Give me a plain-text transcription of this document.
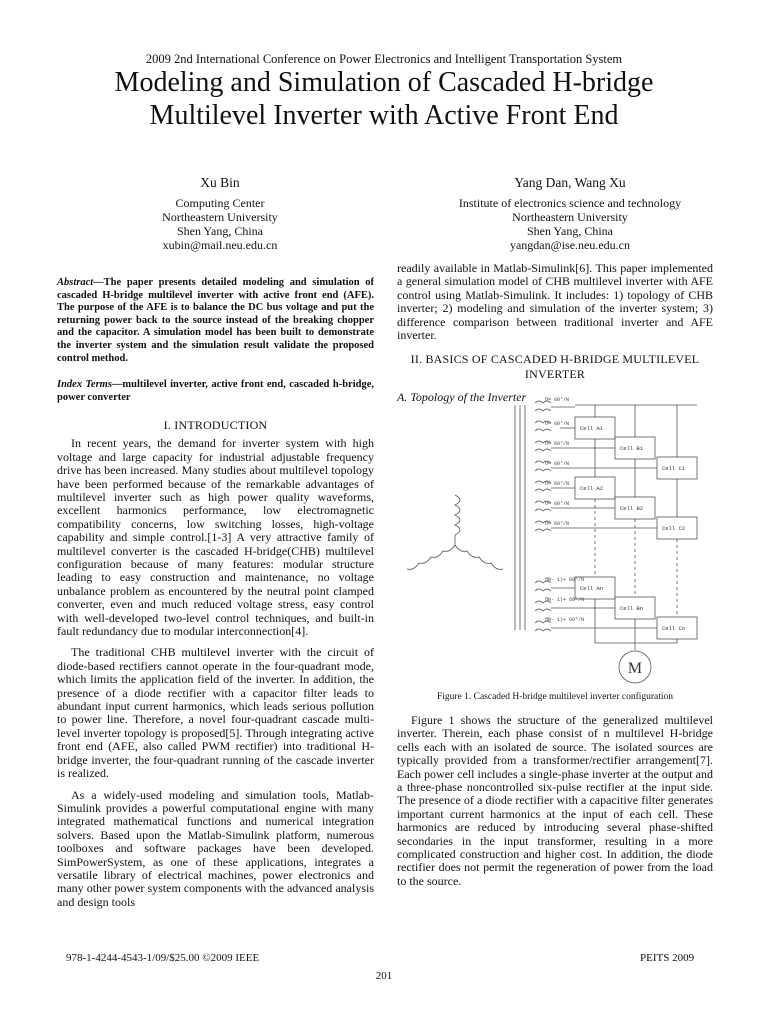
2009 2nd International Conference on Power Electronics and Intelligent Transportation System
Modeling and Simulation of Cascaded H-bridge
Multilevel Inverter with Active Front End
Xu Bin
Computing Center
Northeastern University
Shen Yang, China
xubin@mail.neu.edu.cn
Yang Dan, Wang Xu
Institute of electronics science and technology
Northeastern University
Shen Yang, China
yangdan@ise.neu.edu.cn
Abstract—The paper presents detailed modeling and simulation of cascaded H-bridge multilevel inverter with active front end (AFE). The purpose of the AFE is to balance the DC bus voltage and put the returning power back to the source instead of the breaking chopper and the capacitor. A simulation model has been built to demonstrate the inverter system and the simulation result validate the proposed control method.
Index Terms—multilevel inverter, active front end, cascaded h-bridge, power converter
I. INTRODUCTION

In recent years, the demand for inverter system with high voltage and large capacity for industrial adjustable frequency drive has been increased. Many studies about multilevel topology have been performed because of the remarkable advantages of multilevel inverter such as high power quality waveforms, excellent harmonics performance, low electromagnetic compatibility concerns, low switching losses, high-voltage capability and simple control.[1-3] A very attractive family of multilevel converter is the cascaded H-bridge(CHB) multilevel configuration because of many features: modular structure leading to easy construction and maintenance, no voltage unbalance problem as encountered by the neutral point clamped converter, even and much reduced voltage stress, easy control with well-developed two-level control techniques, and built-in fault redundancy due to modular interconnection[4].

The traditional CHB multilevel inverter with the circuit of diode-based rectifiers cannot operate in the four-quadrant mode, which limits the application field of the inverter. In addition, the presence of a diode rectifier with a capacitor filter leads to abundant input current harmonics, which leads serious pollution to power line. Therefore, a novel four-quadrant cascade multi-level inverter topology is proposed[5]. Through integrating active front end (AFE, also called PWM rectifier) into traditional H-bridge inverter, the four-quadrant running of the cascade inverter is realized.

As a widely-used modeling and simulation tools, Matlab-Simulink provides a powerful computational engine with many integrated mathematical functions and numerical integration solvers. Based upon the Matlab-Simulink platform, numerous toolboxes and software packages have been developed. SimPowerSystem, as one of these applications, integrates a versatile library of electrical machines, power electronics and many other power system components with the advanced analysis and design tools

readily available in Matlab-Simulink[6]. This paper implemented a general simulation model of CHB multilevel inverter with AFE control using Matlab-Simulink. It includes: 1) topology of CHB inverter; 2) modeling and simulation of the inverter system; 3) difference comparison between traditional inverter and AFE inverter.
II. BASICS OF CASCADED H-BRIDGE MULTILEVEL
INVERTER
A. Topology of the Inverter	θ= 60°/N
θ= 60°/N
θ= 60°/N
θ= 60°/N
θ= 60°/N
θ= 60°/N
θ= 60°/N
θN- 1)+ 60°/N
θN- 1)+ 60°/N
θN- 1)+ 60°/N
Cell A1
Cell B1
Cell C1
Cell A2
Cell B2
Cell C2
Cell An
Cell Bn
Cell Cn
M
Figure 1. Cascaded H-bridge multilevel inverter configuration

Figure 1 shows the structure of the generalized multilevel inverter. Therein, each phase consist of n multilevel H-bridge cells each with an isolated de source. The isolated sources are typically provided from a transformer/rectifier arrangement[7]. Each power cell includes a single-phase inverter at the output and a three-phase noncontrolled six-pulse rectifier at the input side. The presence of a diode rectifier with a capacitive filter generates important current harmonics at the input of each cell. These harmonics are reduced by introducing several phase-shifted secondaries in the input transformer, resulting in a more complicated construction and higher cost. In addition, the diode rectifier does not permit the regeneration of power from the load to the source.

978-1-4244-4543-1/09/$25.00 ©2009 IEEE	PEITS 2009
201
